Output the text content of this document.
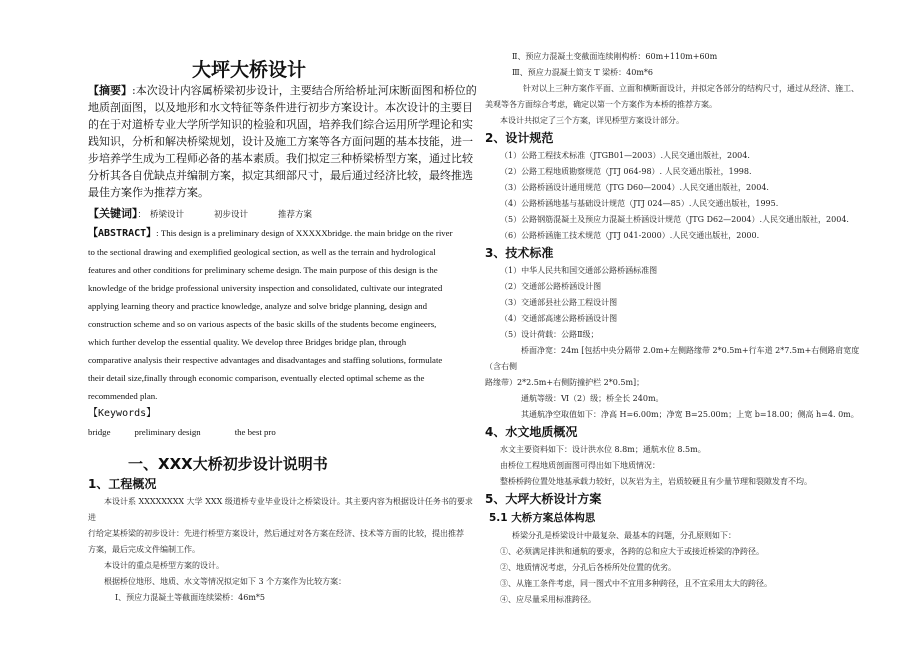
大坪大桥设计
【摘要】:本次设计内容属桥梁初步设计，主要结合所给桥址河床断面图和桥位的
地质剖面图，以及地形和水文特征等条件进行初步方案设计。本次设计的主要目
的在于对道桥专业大学所学知识的检验和巩固，培养我们综合运用所学理论和实
践知识，分析和解决桥梁规划，设计及施工方案等各方面问题的基本技能，进一
步培养学生成为工程师必备的基本素质。我们拟定三种桥梁桥型方案，通过比较
分析其各自优缺点并编制方案，拟定其细部尺寸，最后通过经济比较，最终推选
最佳方案作为推荐方案。
【关键词】： 桥梁设计	初步设计	推荐方案
【ABSTRACT】: This design is a preliminary design of XXXXXbridge. the main bridge on the river
to the sectional drawing and exemplified geological section, as well as the terrain and hydrological
features and other conditions for preliminary scheme design. The main purpose of this design is the
knowledge of the bridge professional university inspection and consolidated, cultivate our integrated
applying learning theory and practice knowledge, analyze and solve bridge planning, design and
construction scheme and so on various aspects of the basic skills of the students become engineers,
which further develop the essential quality. We develop three Bridges bridge plan, through
comparative analysis their respective advantages and disadvantages and staffing solutions, formulate
their detail size,finally through economic comparison, eventually elected optimal scheme as the
recommended plan.
【Keywords】
bridge	preliminary design	the best pro
一、XXX大桥初步设计说明书
1、工程概况
本设计系 XXXXXXXX 大学 XXX 级道桥专业毕业设计之桥梁设计。其主要内容为根据设计任务书的要求进
行给定某桥梁的初步设计：先进行桥型方案设计，然后通过对各方案在经济、技术等方面的比较，提出推荐
方案，最后完成文件编制工作。
本设计的重点是桥型方案的设计。
根据桥位地形、地质、水文等情况拟定如下 3 个方案作为比较方案：
Ⅰ、预应力混凝土等截面连续梁桥：46m*5
Ⅱ、预应力混凝土变截面连续刚构桥：60m+110m+60m
Ⅲ、预应力混凝土简支 T 梁桥：40m*6
针对以上三种方案作平面、立面和横断面设计，并拟定各部分的结构尺寸，通过从经济、施工、
美观等各方面综合考虑，确定以第一个方案作为本桥的推荐方案。
本设计共拟定了三个方案，详见桥型方案设计部分。
2、设计规范
（1）公路工程技术标准（JTGB01—2003）.人民交通出版社，2004.
（2）公路工程地质勘察规范（JTJ 064-98）. 人民交通出版社，1998.
（3）公路桥涵设计通用规范（JTG D60—2004）.人民交通出版社，2004.
（4）公路桥涵地基与基础设计规范（JTJ 024—85）.人民交通出版社，1995.
（5）公路钢筋混凝土及预应力混凝土桥涵设计规范（JTG D62—2004）.人民交通出版社，2004.
（6）公路桥涵施工技术规范（JTJ 041-2000）.人民交通出版社，2000.
3、技术标准
（1）中华人民共和国交通部公路桥涵标准图
（2）交通部公路桥涵设计图
（3）交通部县社公路工程设计图
（4）交通部高速公路桥涵设计图
（5）设计荷载：公路Ⅱ级；
桥面净宽：24m [包括中央分隔带 2.0m+左侧路缘带 2*0.5m+行车道 2*7.5m+右侧路肩宽度（含右侧
路缘带）2*2.5m+右侧防撞护栏 2*0.5m]；
通航等级：Ⅵ（2）级；桥全长 240m。
其通航净空取值如下：净高 H=6.00m；净宽 B=25.00m；上宽 b=18.00；侧高 h=4. 0m。
4、水文地质概况
水文主要资料如下：设计洪水位 8.8m；通航水位 8.5m。
由桥位工程地质剖面图可得出如下地质情况：
整桥桥跨位置处地基承载力较好，以灰岩为主，岩质较硬且有少量节理和裂隙发育不均。
5、大坪大桥设计方案
5.1 大桥方案总体构思
桥梁分孔是桥梁设计中最复杂、最基本的问题，分孔原则如下：
①、必须满足排洪和通航的要求，各跨的总和应大于或接近桥梁的净跨径。
②、地质情况考虑，分孔后各桥所处位置的优劣。
③、从施工条件考虑，同一图式中不宜用多种跨径，且不宜采用太大的跨径。
④、应尽量采用标准跨径。
